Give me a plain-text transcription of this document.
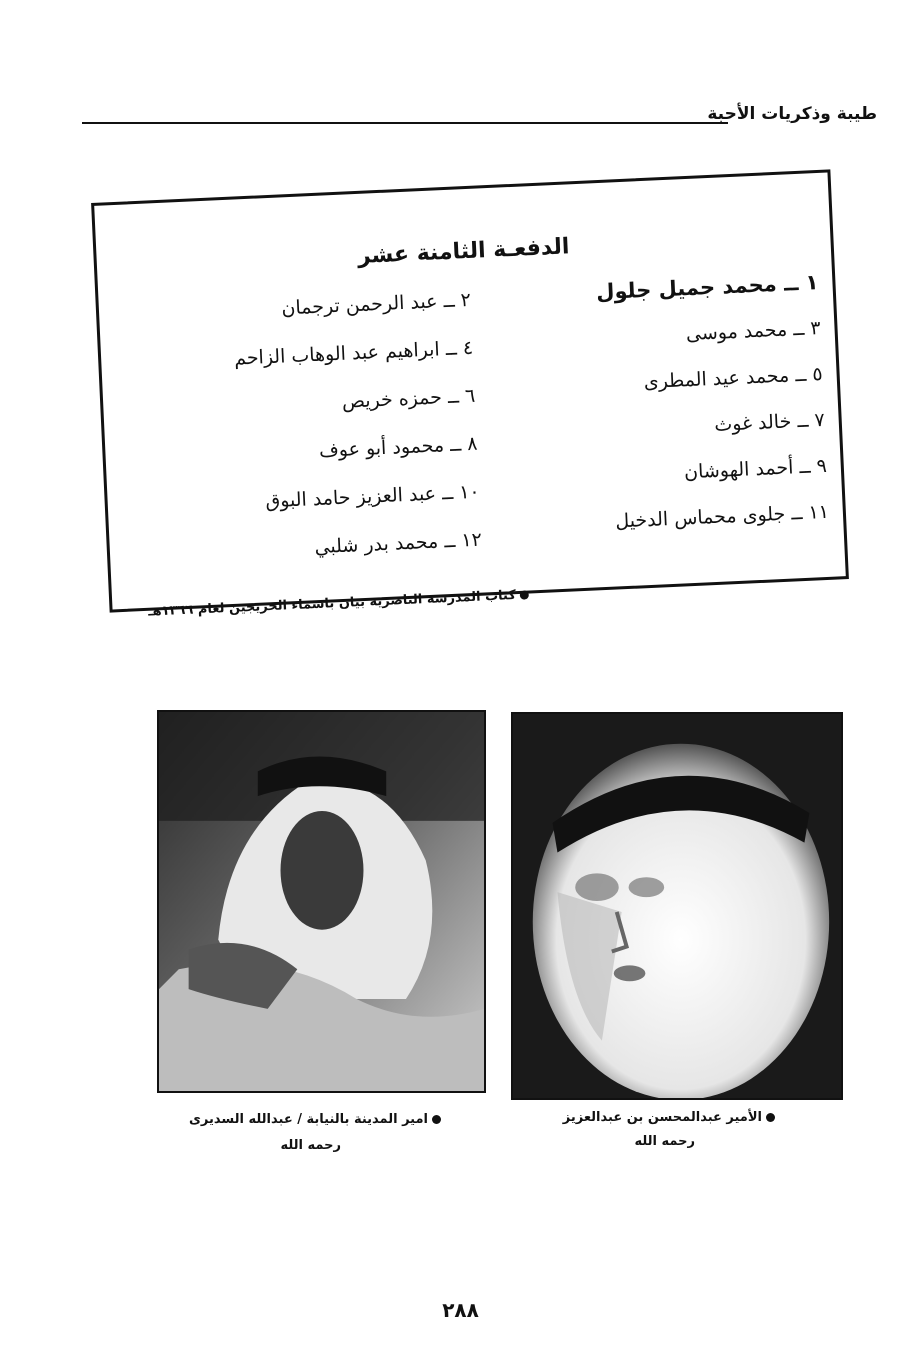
طيبة وذكريات الأحبة
الدفعـة الثامنة عشر
١ ــ محمد جميل جلول
٣ ــ محمد موسى
٥ ــ محمد عيد المطرى
٧ ــ خالد غوث
٩ ــ أحمد الهوشان
١١ ــ جلوى محماس الدخيل
٢ ــ عبد الرحمن ترجمان
٤ ــ ابراهيم عبد الوهاب الزاحم
٦ ــ حمزه خريص
٨ ــ محمود أبو عوف
١٠ ــ عبد العزيز حامد البوق
١٢ ــ محمد بدر شلبي
كتاب المدرسة الناصرية بيان باسماء الخريجين لعام ١٣٦٦هـ
امير المدينة بالنيابة / عبدالله السديرى
رحمه الله
الأمير عبدالمحسن بن عبدالعزيز
رحمه الله
٢٨٨
